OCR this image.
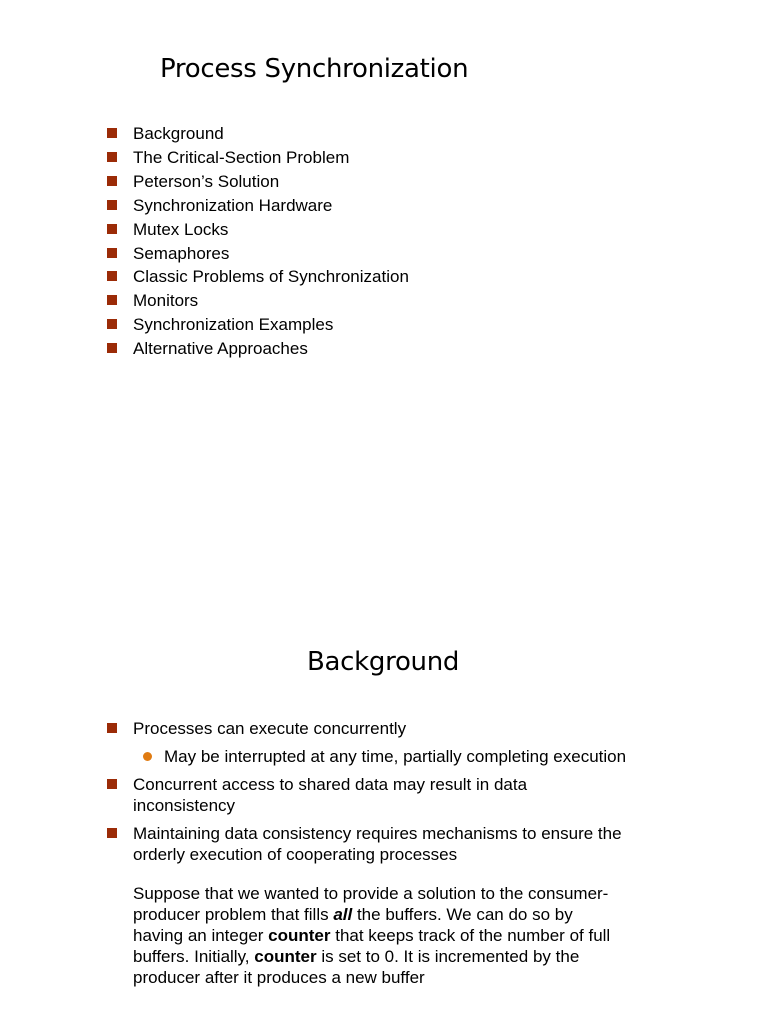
Process Synchronization
Background
The Critical-Section Problem
Peterson’s Solution
Synchronization Hardware
Mutex Locks
Semaphores
Classic Problems of Synchronization
Monitors
Synchronization Examples
Alternative Approaches
Background
Processes can execute concurrently
May be interrupted at any time, partially completing execution
Concurrent access to shared data may result in data inconsistency
Maintaining data consistency requires mechanisms to ensure the orderly execution of cooperating processes

Suppose that we wanted to provide a solution to the consumer-producer problem that fills all the buffers. We can do so by having an integer counter that keeps track of the number of full buffers. Initially, counter is set to 0. It is incremented by the producer after it produces a new buffer
